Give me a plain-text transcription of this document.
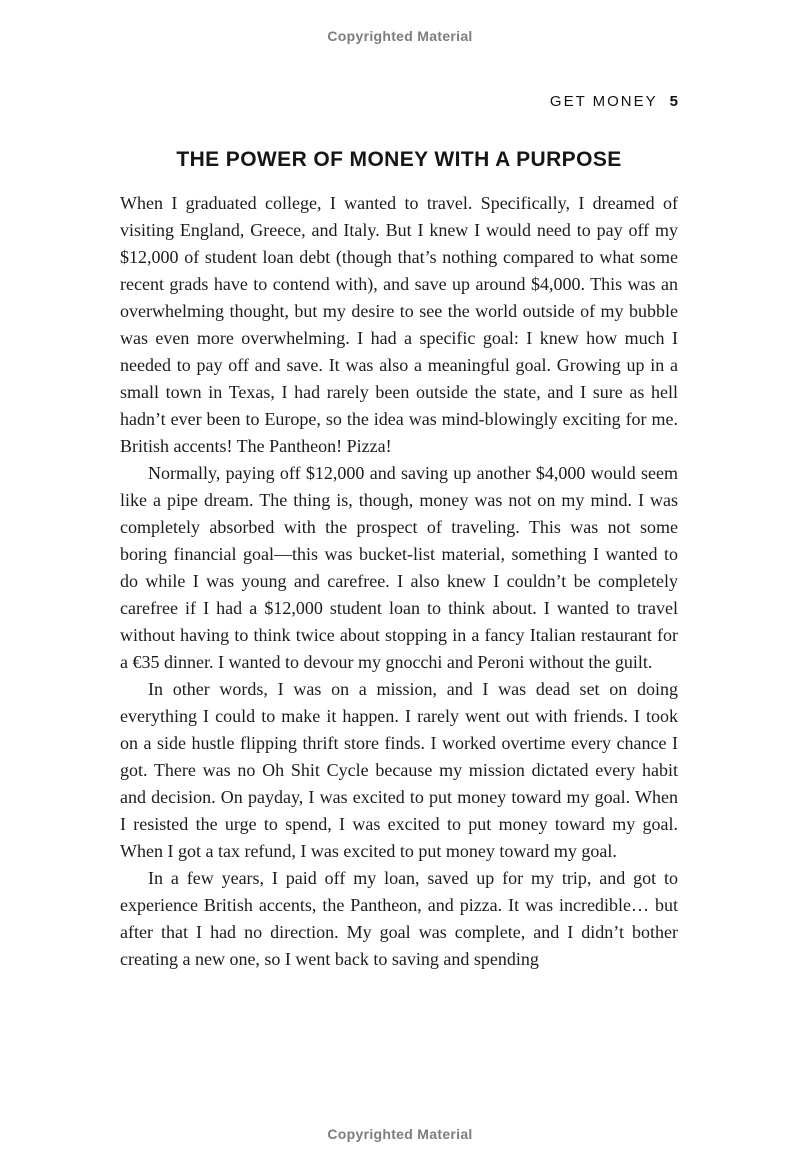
Copyrighted Material
GET MONEY 5
THE POWER OF MONEY WITH A PURPOSE

When I graduated college, I wanted to travel. Specifically, I dreamed of visiting England, Greece, and Italy. But I knew I would need to pay off my $12,000 of student loan debt (though that’s nothing compared to what some recent grads have to contend with), and save up around $4,000. This was an overwhelming thought, but my desire to see the world outside of my bubble was even more overwhelming. I had a specific goal: I knew how much I needed to pay off and save. It was also a meaningful goal. Growing up in a small town in Texas, I had rarely been outside the state, and I sure as hell hadn’t ever been to Europe, so the idea was mind-blowingly exciting for me. British accents! The Pantheon! Pizza!

Normally, paying off $12,000 and saving up another $4,000 would seem like a pipe dream. The thing is, though, money was not on my mind. I was completely absorbed with the prospect of traveling. This was not some boring financial goal—this was bucket-list material, something I wanted to do while I was young and carefree. I also knew I couldn’t be completely carefree if I had a $12,000 student loan to think about. I wanted to travel without having to think twice about stopping in a fancy Italian restaurant for a €35 dinner. I wanted to devour my gnocchi and Peroni without the guilt.

In other words, I was on a mission, and I was dead set on doing everything I could to make it happen. I rarely went out with friends. I took on a side hustle flipping thrift store finds. I worked overtime every chance I got. There was no Oh Shit Cycle because my mission dictated every habit and decision. On payday, I was excited to put money toward my goal. When I resisted the urge to spend, I was excited to put money toward my goal. When I got a tax refund, I was excited to put money toward my goal.

In a few years, I paid off my loan, saved up for my trip, and got to experience British accents, the Pantheon, and pizza. It was incredible… but after that I had no direction. My goal was complete, and I didn’t bother creating a new one, so I went back to saving and spending

Copyrighted Material
